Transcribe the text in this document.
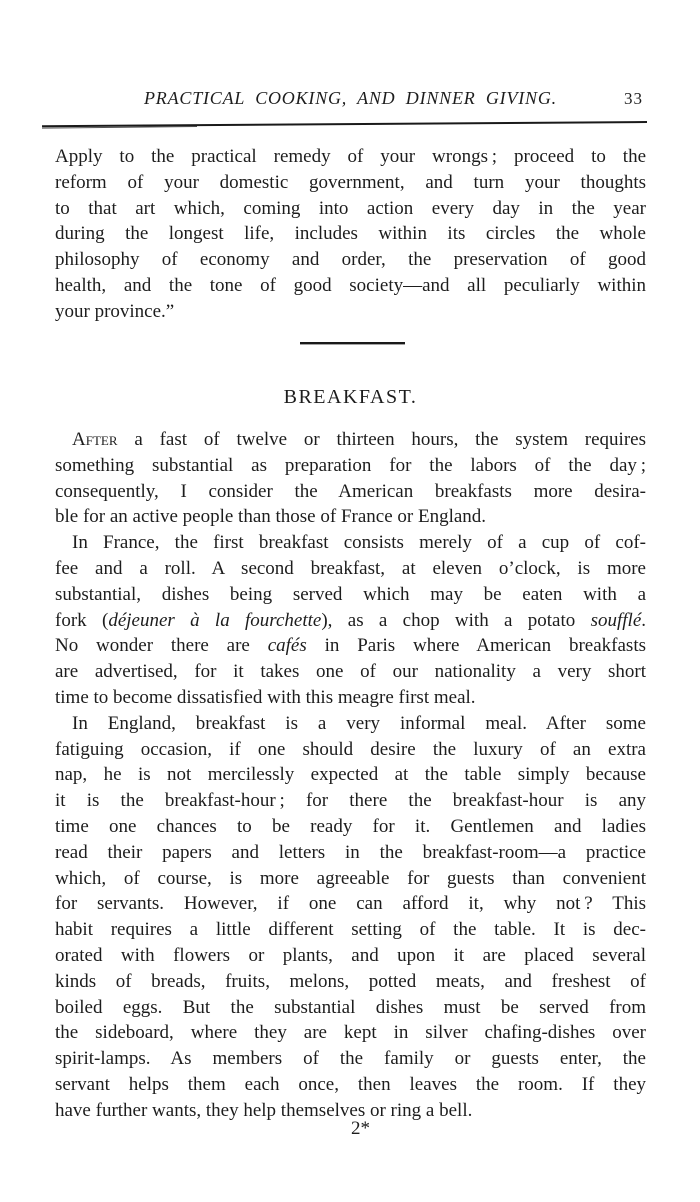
PRACTICAL COOKING, AND DINNER GIVING.	33
Apply to the practical remedy of your wrongs ; proceed to the
reform of your domestic government, and turn your thoughts
to that art which, coming into action every day in the year
during the longest life, includes within its circles the whole
philosophy of economy and order, the preservation of good
health, and the tone of good society—and all peculiarly within
your province.”
BREAKFAST.
After a fast of twelve or thirteen hours, the system requires
something substantial as preparation for the labors of the day ;
consequently, I consider the American breakfasts more desira-
ble for an active people than those of France or England.
In France, the first breakfast consists merely of a cup of cof-
fee and a roll. A second breakfast, at eleven o’clock, is more
substantial, dishes being served which may be eaten with a
fork (déjeuner à la fourchette), as a chop with a potato soufflé.
No wonder there are cafés in Paris where American breakfasts
are advertised, for it takes one of our nationality a very short
time to become dissatisfied with this meagre first meal.
In England, breakfast is a very informal meal. After some
fatiguing occasion, if one should desire the luxury of an extra
nap, he is not mercilessly expected at the table simply because
it is the breakfast-hour ; for there the breakfast-hour is any
time one chances to be ready for it. Gentlemen and ladies
read their papers and letters in the breakfast-room—a practice
which, of course, is more agreeable for guests than convenient
for servants. However, if one can afford it, why not ? This
habit requires a little different setting of the table. It is dec-
orated with flowers or plants, and upon it are placed several
kinds of breads, fruits, melons, potted meats, and freshest of
boiled eggs. But the substantial dishes must be served from
the sideboard, where they are kept in silver chafing-dishes over
spirit-lamps. As members of the family or guests enter, the
servant helps them each once, then leaves the room. If they
have further wants, they help themselves or ring a bell.
2*
